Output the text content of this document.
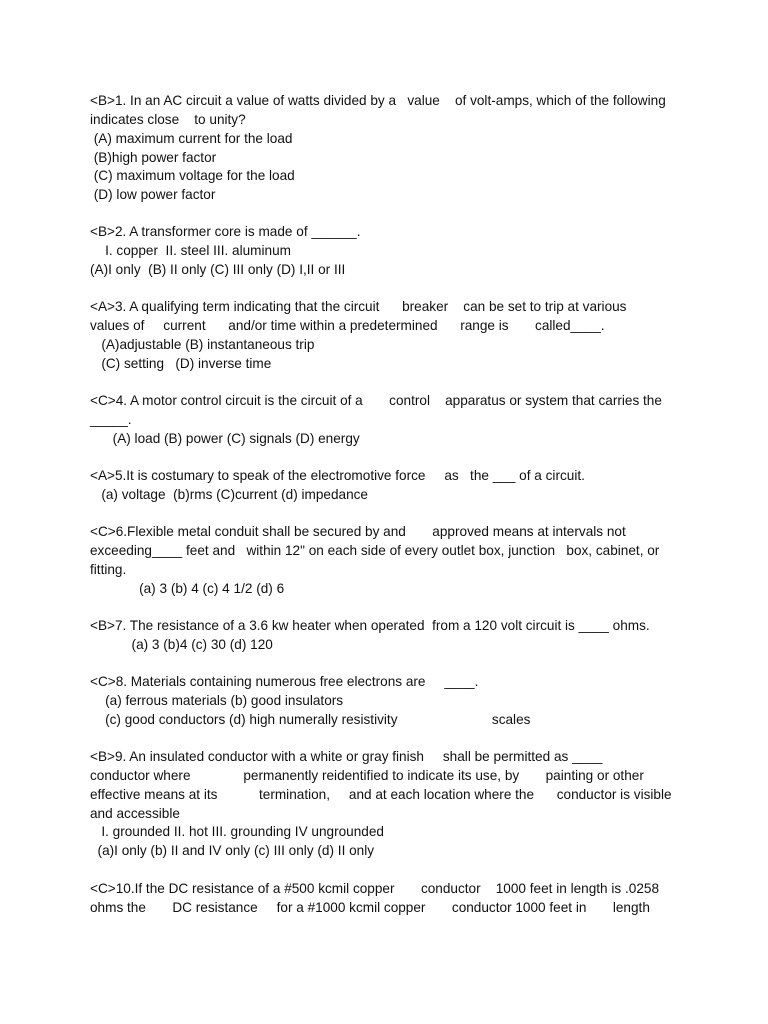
<B>1. In an AC circuit a value of watts divided by a   value    of volt-amps, which of the following
indicates close    to unity?
(A) maximum current for the load
(B)high power factor
(C) maximum voltage for the load
(D) low power factor
<B>2. A transformer core is made of ______.
I. copper  II. steel III. aluminum
(A)I only  (B) II only (C) III only (D) I,II or III
<A>3. A qualifying term indicating that the circuit      breaker    can be set to trip at various
values of     current      and/or time within a predetermined      range is       called____.
(A)adjustable (B) instantaneous trip
(C) setting   (D) inverse time
<C>4. A motor control circuit is the circuit of a       control    apparatus or system that carries the
_____.
(A) load (B) power (C) signals (D) energy
<A>5.It is costumary to speak of the electromotive force     as   the ___ of a circuit.
(a) voltage  (b)rms (C)current (d) impedance
<C>6.Flexible metal conduit shall be secured by and       approved means at intervals not
exceeding____ feet and   within 12" on each side of every outlet box, junction   box, cabinet, or
fitting.
(a) 3 (b) 4 (c) 4 1/2 (d) 6
<B>7. The resistance of a 3.6 kw heater when operated  from a 120 volt circuit is ____ ohms.
(a) 3 (b)4 (c) 30 (d) 120
<C>8. Materials containing numerous free electrons are     ____.
(a) ferrous materials (b) good insulators
(c) good conductors (d) high numerally resistivity                         scales
<B>9. An insulated conductor with a white or gray finish     shall be permitted as ____
conductor where              permanently reidentified to indicate its use, by       painting or other
effective means at its           termination,     and at each location where the      conductor is visible
and accessible
I. grounded II. hot III. grounding IV ungrounded
(a)I only (b) II and IV only (c) III only (d) II only
<C>10.If the DC resistance of a #500 kcmil copper       conductor    1000 feet in length is .0258
ohms the       DC resistance     for a #1000 kcmil copper       conductor 1000 feet in       length
